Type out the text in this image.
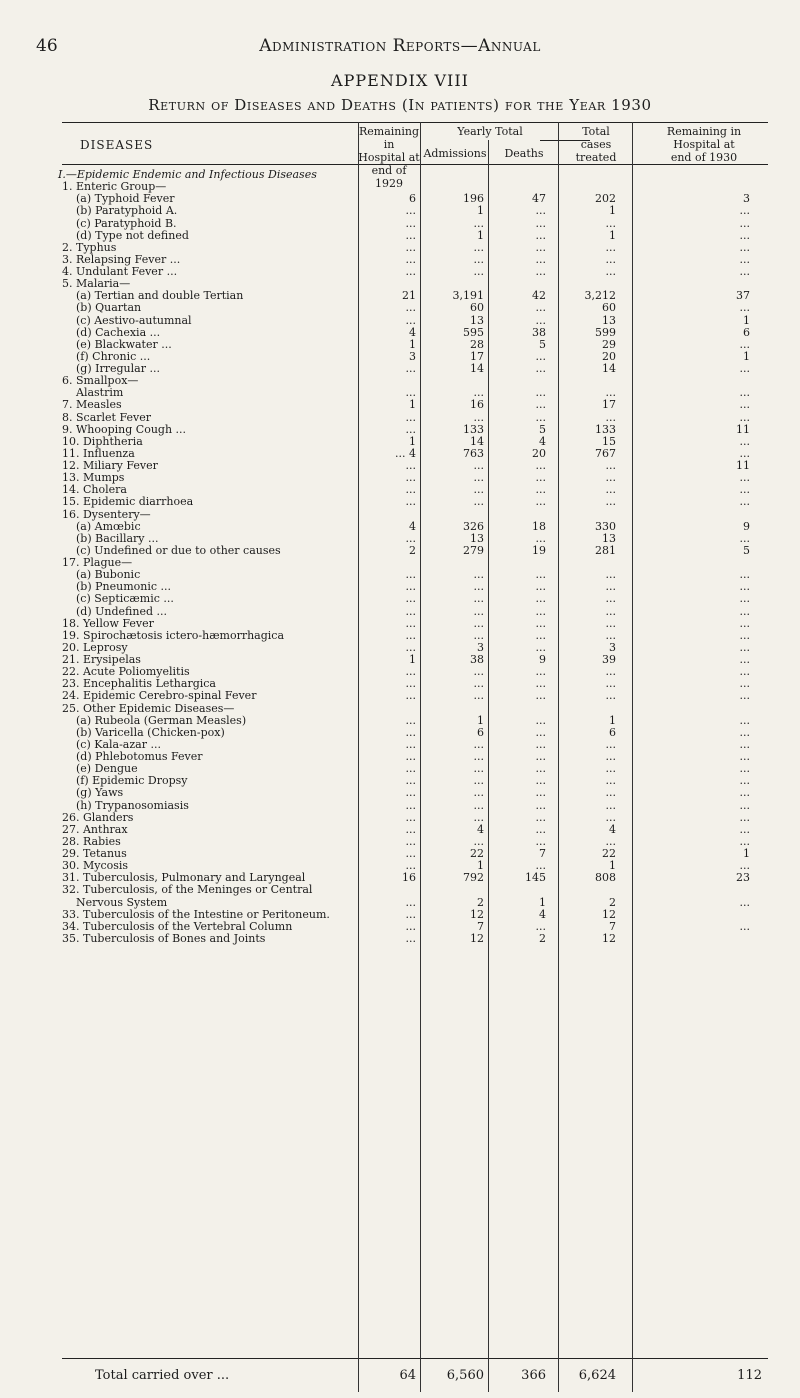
46	Administration Reports—Annual
APPENDIX VIII
Return of Diseases and Deaths (In patients) for the Year 1930
DISEASES
Remaining in
Hospital at
end of 1929
Yearly Total
Admissions	Deaths
Total
cases
treated
Remaining in
Hospital at
end of 1930
I.—Epidemic Endemic and Infectious Diseases
1. Enteric Group—
(a) Typhoid Fever	6	196	47	202	3
(b) Paratyphoid A.	...	1	...	1	...
(c) Paratyphoid B.	...	...	...	...	...
(d) Type not defined	...	1	...	1	...
2. Typhus	...	...	...	...	...
3. Relapsing Fever ...	...	...	...	...	...
4. Undulant Fever ...	...	...	...	...	...
5. Malaria—
(a) Tertian and double Tertian	21	3,191	42	3,212	37
(b) Quartan	...	60	...	60	...
(c) Aestivo-autumnal	...	13	...	13	1
(d) Cachexia ...	4	595	38	599	6
(e) Blackwater ...	1	28	5	29	...
(f) Chronic ...	3	17	...	20	1
(g) Irregular ...	...	14	...	14	...
6. Smallpox—
Alastrim	...	...	...	...	...
7. Measles	1	16	...	17	...
8. Scarlet Fever	...	...	...	...	...
9. Whooping Cough ...	...	133	5	133	11
10. Diphtheria	1	14	4	15	...
11. Influenza	... 4	763	20	767	...
12. Miliary Fever	...	...	...	...	11
13. Mumps	...	...	...	...	...
14. Cholera	...	...	...	...	...
15. Epidemic diarrhoea	...	...	...	...	...
16. Dysentery—
(a) Amœbic	4	326	18	330	9
(b) Bacillary ...	...	13	...	13	...
(c) Undefined or due to other causes	2	279	19	281	5
17. Plague—
(a) Bubonic	...	...	...	...	...
(b) Pneumonic ...	...	...	...	...	...
(c) Septicæmic ...	...	...	...	...	...
(d) Undefined ...	...	...	...	...	...
18. Yellow Fever	...	...	...	...	...
19. Spirochætosis ictero-hæmorrhagica	...	...	...	...	...
20. Leprosy	...	3	...	3	...
21. Erysipelas	1	38	9	39	...
22. Acute Poliomyelitis	...	...	...	...	...
23. Encephalitis Lethargica	...	...	...	...	...
24. Epidemic Cerebro-spinal Fever	...	...	...	...	...
25. Other Epidemic Diseases—
(a) Rubeola (German Measles)	...	1	...	1	...
(b) Varicella (Chicken-pox)	...	6	...	6	...
(c) Kala-azar ...	...	...	...	...	...
(d) Phlebotomus Fever	...	...	...	...	...
(e) Dengue	...	...	...	...	...
(f) Epidemic Dropsy	...	...	...	...	...
(g) Yaws	...	...	...	...	...
(h) Trypanosomiasis	...	...	...	...	...
26. Glanders	...	...	...	...	...
27. Anthrax	...	4	...	4	...
28. Rabies	...	...	...	...	...
29. Tetanus	...	22	7	22	1
30. Mycosis	...	1	...	1	...
31. Tuberculosis, Pulmonary and Laryngeal	16	792	145	808	23
32. Tuberculosis, of the Meninges or Central
Nervous System	...	2	1	2	...
33. Tuberculosis of the Intestine or Peritoneum.	...	12	4	12
34. Tuberculosis of the Vertebral Column	...	7	...	7	...
35. Tuberculosis of Bones and Joints	...	12	2	12
Total carried over ...	64	6,560	366	6,624	112
